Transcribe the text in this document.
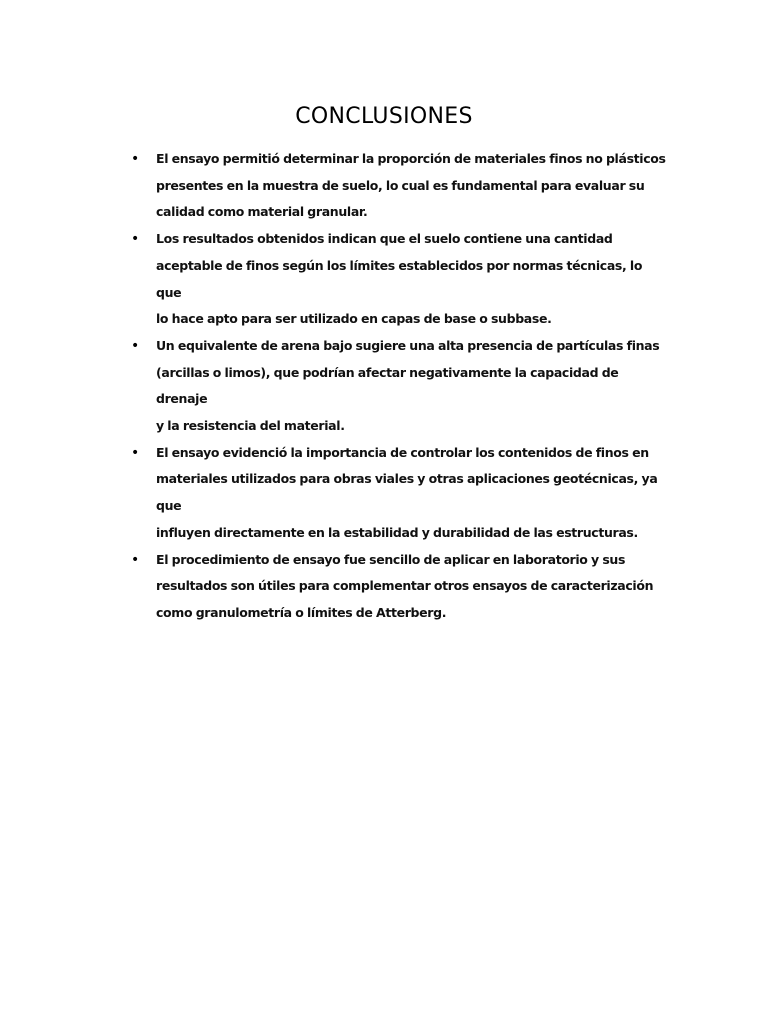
CONCLUSIONES
• El ensayo permitió determinar la proporción de materiales finos no plásticos
presentes en la muestra de suelo, lo cual es fundamental para evaluar su
calidad como material granular.
• Los resultados obtenidos indican que el suelo contiene una cantidad
aceptable de finos según los límites establecidos por normas técnicas, lo que
lo hace apto para ser utilizado en capas de base o subbase.
• Un equivalente de arena bajo sugiere una alta presencia de partículas finas
(arcillas o limos), que podrían afectar negativamente la capacidad de drenaje
y la resistencia del material.
• El ensayo evidenció la importancia de controlar los contenidos de finos en
materiales utilizados para obras viales y otras aplicaciones geotécnicas, ya que
influyen directamente en la estabilidad y durabilidad de las estructuras.
• El procedimiento de ensayo fue sencillo de aplicar en laboratorio y sus
resultados son útiles para complementar otros ensayos de caracterización
como granulometría o límites de Atterberg.
